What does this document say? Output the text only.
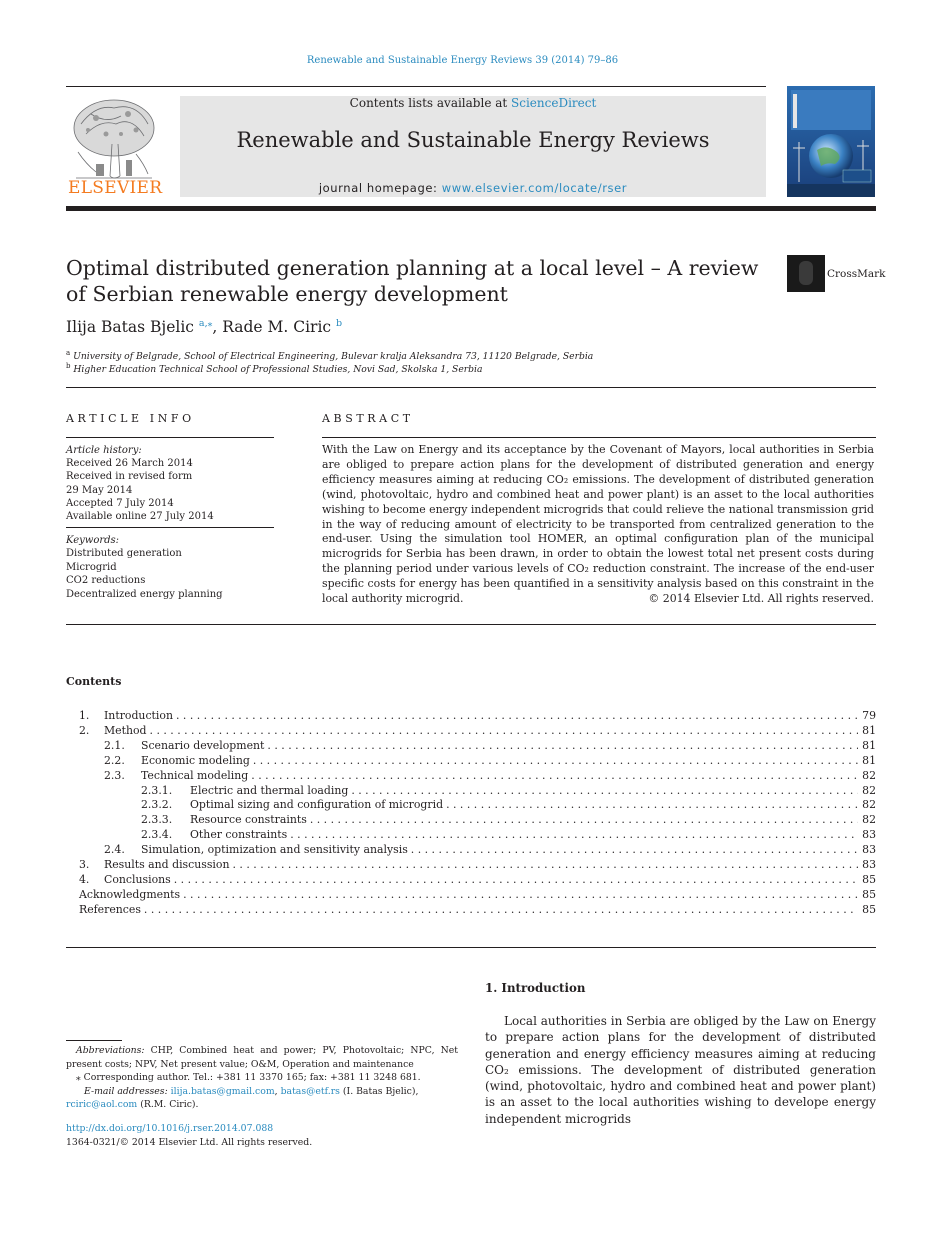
Renewable and Sustainable Energy Reviews 39 (2014) 79–86
ELSEVIER
Contents lists available at ScienceDirect
Renewable and Sustainable Energy Reviews
journal homepage: www.elsevier.com/locate/rser
Optimal distributed generation planning at a local level – A review of Serbian renewable energy development
CrossMark
Ilija Batas Bjelic $^{a,⁎}$, Rade M. Ciric $^b$
$^a$ University of Belgrade, School of Electrical Engineering, Bulevar kralja Aleksandra 73, 11120 Belgrade, Serbia
$^b$ Higher Education Technical School of Professional Studies, Novi Sad, Skolska 1, Serbia
ARTICLE INFO
Article history:
Received 26 March 2014
Received in revised form
29 May 2014
Accepted 7 July 2014
Available online 27 July 2014
Keywords:
Distributed generation
Microgrid
CO2 reductions
Decentralized energy planning
ABSTRACT
With the Law on Energy and its acceptance by the Covenant of Mayors, local authorities in Serbia are obliged to prepare action plans for the development of distributed generation and energy efficiency measures aiming at reducing CO₂ emissions. The development of distributed generation (wind, photovoltaic, hydro and combined heat and power plant) is an asset to the local authorities wishing to become energy independent microgrids that could relieve the national transmission grid in the way of reducing amount of electricity to be transported from centralized generation to the end-user. Using the simulation tool HOMER, an optimal configuration plan of the municipal microgrids for Serbia has been drawn, in order to obtain the lowest total net present costs during the planning period under various levels of CO₂ reduction constraint. The increase of the end-user specific costs for energy has been quantified in a sensitivity analysis based on this constraint in the local authority microgrid.	© 2014 Elsevier Ltd. All rights reserved.
Contents
1.	Introduction . . .	79
2.	Method . . .	81
2.1.	Scenario development . . .	81
2.2.	Economic modeling . . .	81
2.3.	Technical modeling . . .	82
2.3.1.	Electric and thermal loading . . .	82
2.3.2.	Optimal sizing and configuration of microgrid . . .	82
2.3.3.	Resource constraints . . .	82
2.3.4.	Other constraints . . .	83
2.4.	Simulation, optimization and sensitivity analysis . . .	83
3.	Results and discussion . . .	83
4.	Conclusions . . .	85
Acknowledgments . . .	85
References . . .	85
Abbreviations: CHP, Combined heat and power; PV, Photovoltaic; NPC, Net present costs; NPV, Net present value; O&M, Operation and maintenance
⁎ Corresponding author. Tel.: +381 11 3370 165; fax: +381 11 3248 681.
E-mail addresses: ilija.batas@gmail.com, batas@etf.rs (I. Batas Bjelic),
rciric@aol.com (R.M. Ciric).
http://dx.doi.org/10.1016/j.rser.2014.07.088
1364-0321/© 2014 Elsevier Ltd. All rights reserved.
1. Introduction
Local authorities in Serbia are obliged by the Law on Energy to prepare action plans for the development of distributed generation and energy efficiency measures aiming at reducing CO₂ emissions. The development of distributed generation (wind, photovoltaic, hydro and combined heat and power plant) is an asset to the local authorities wishing to develope energy independent microgrids
